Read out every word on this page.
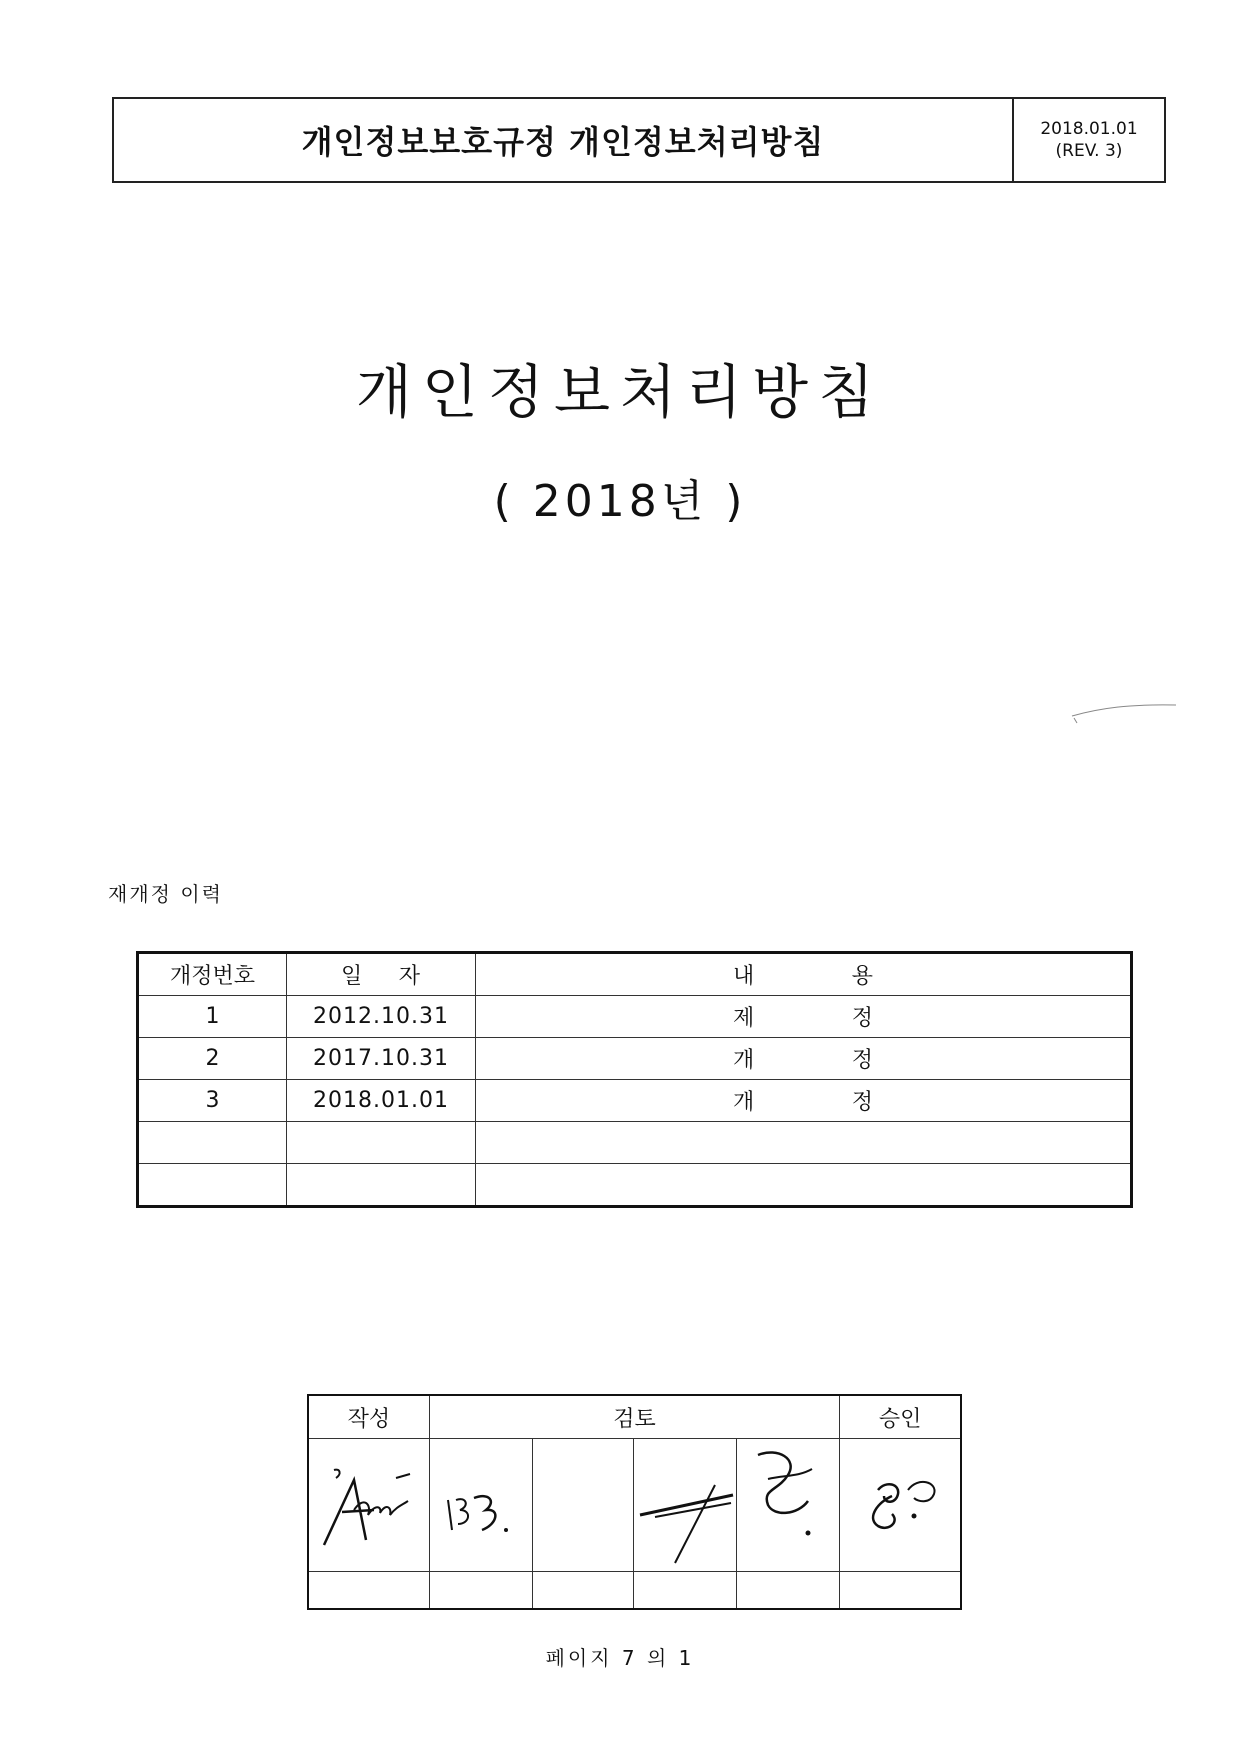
개인정보보호규정 개인정보처리방침	2018.01.01
(REV. 3)
개인정보처리방침
( 2018년 )
재개정 이력
개정번호	일 자	내 용

1	2012.10.31	제 정

2	2017.10.31	개 정

3	2018.01.01	개 정

작성	검토				승인

페이지 7 의 1
